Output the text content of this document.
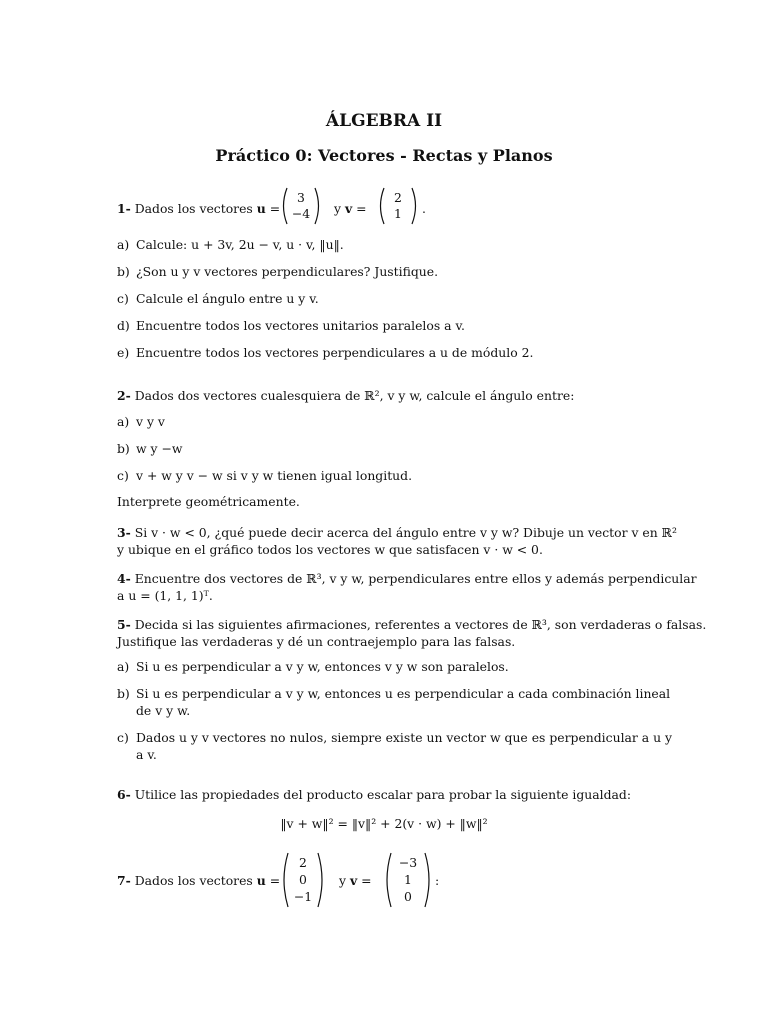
ÁLGEBRA II
Práctico 0: Vectores - Rectas y Planos
1- Dados los vectores u =
3
−4	y v =
2
1	.
a) Calcule: u + 3v, 2u − v, u · v, ‖u‖.
b) ¿Son u y v vectores perpendiculares? Justifique.
c) Calcule el ángulo entre u y v.
d) Encuentre todos los vectores unitarios paralelos a v.
e) Encuentre todos los vectores perpendiculares a u de módulo 2.
2- Dados dos vectores cualesquiera de ℝ², v y w, calcule el ángulo entre:
a) v y v
b) w y −w
c) v + w y v − w si v y w tienen igual longitud.
Interprete geométricamente.
3- Si v · w < 0, ¿qué puede decir acerca del ángulo entre v y w? Dibuje un vector v en ℝ²
y ubique en el gráfico todos los vectores w que satisfacen v · w < 0.
4- Encuentre dos vectores de ℝ³, v y w, perpendiculares entre ellos y además perpendicular
a u = (1, 1, 1)ᵀ.
5- Decida si las siguientes afirmaciones, referentes a vectores de ℝ³, son verdaderas o falsas.
Justifique las verdaderas y dé un contraejemplo para las falsas.
a) Si u es perpendicular a v y w, entonces v y w son paralelos.
b) Si u es perpendicular a v y w, entonces u es perpendicular a cada combinación lineal
de v y w.
c) Dados u y v vectores no nulos, siempre existe un vector w que es perpendicular a u y
a v.
6- Utilice las propiedades del producto escalar para probar la siguiente igualdad:
‖v + w‖² = ‖v‖² + 2(v · w) + ‖w‖²
7- Dados los vectores u =
2
0
−1
y v =
−3
1
0
:
